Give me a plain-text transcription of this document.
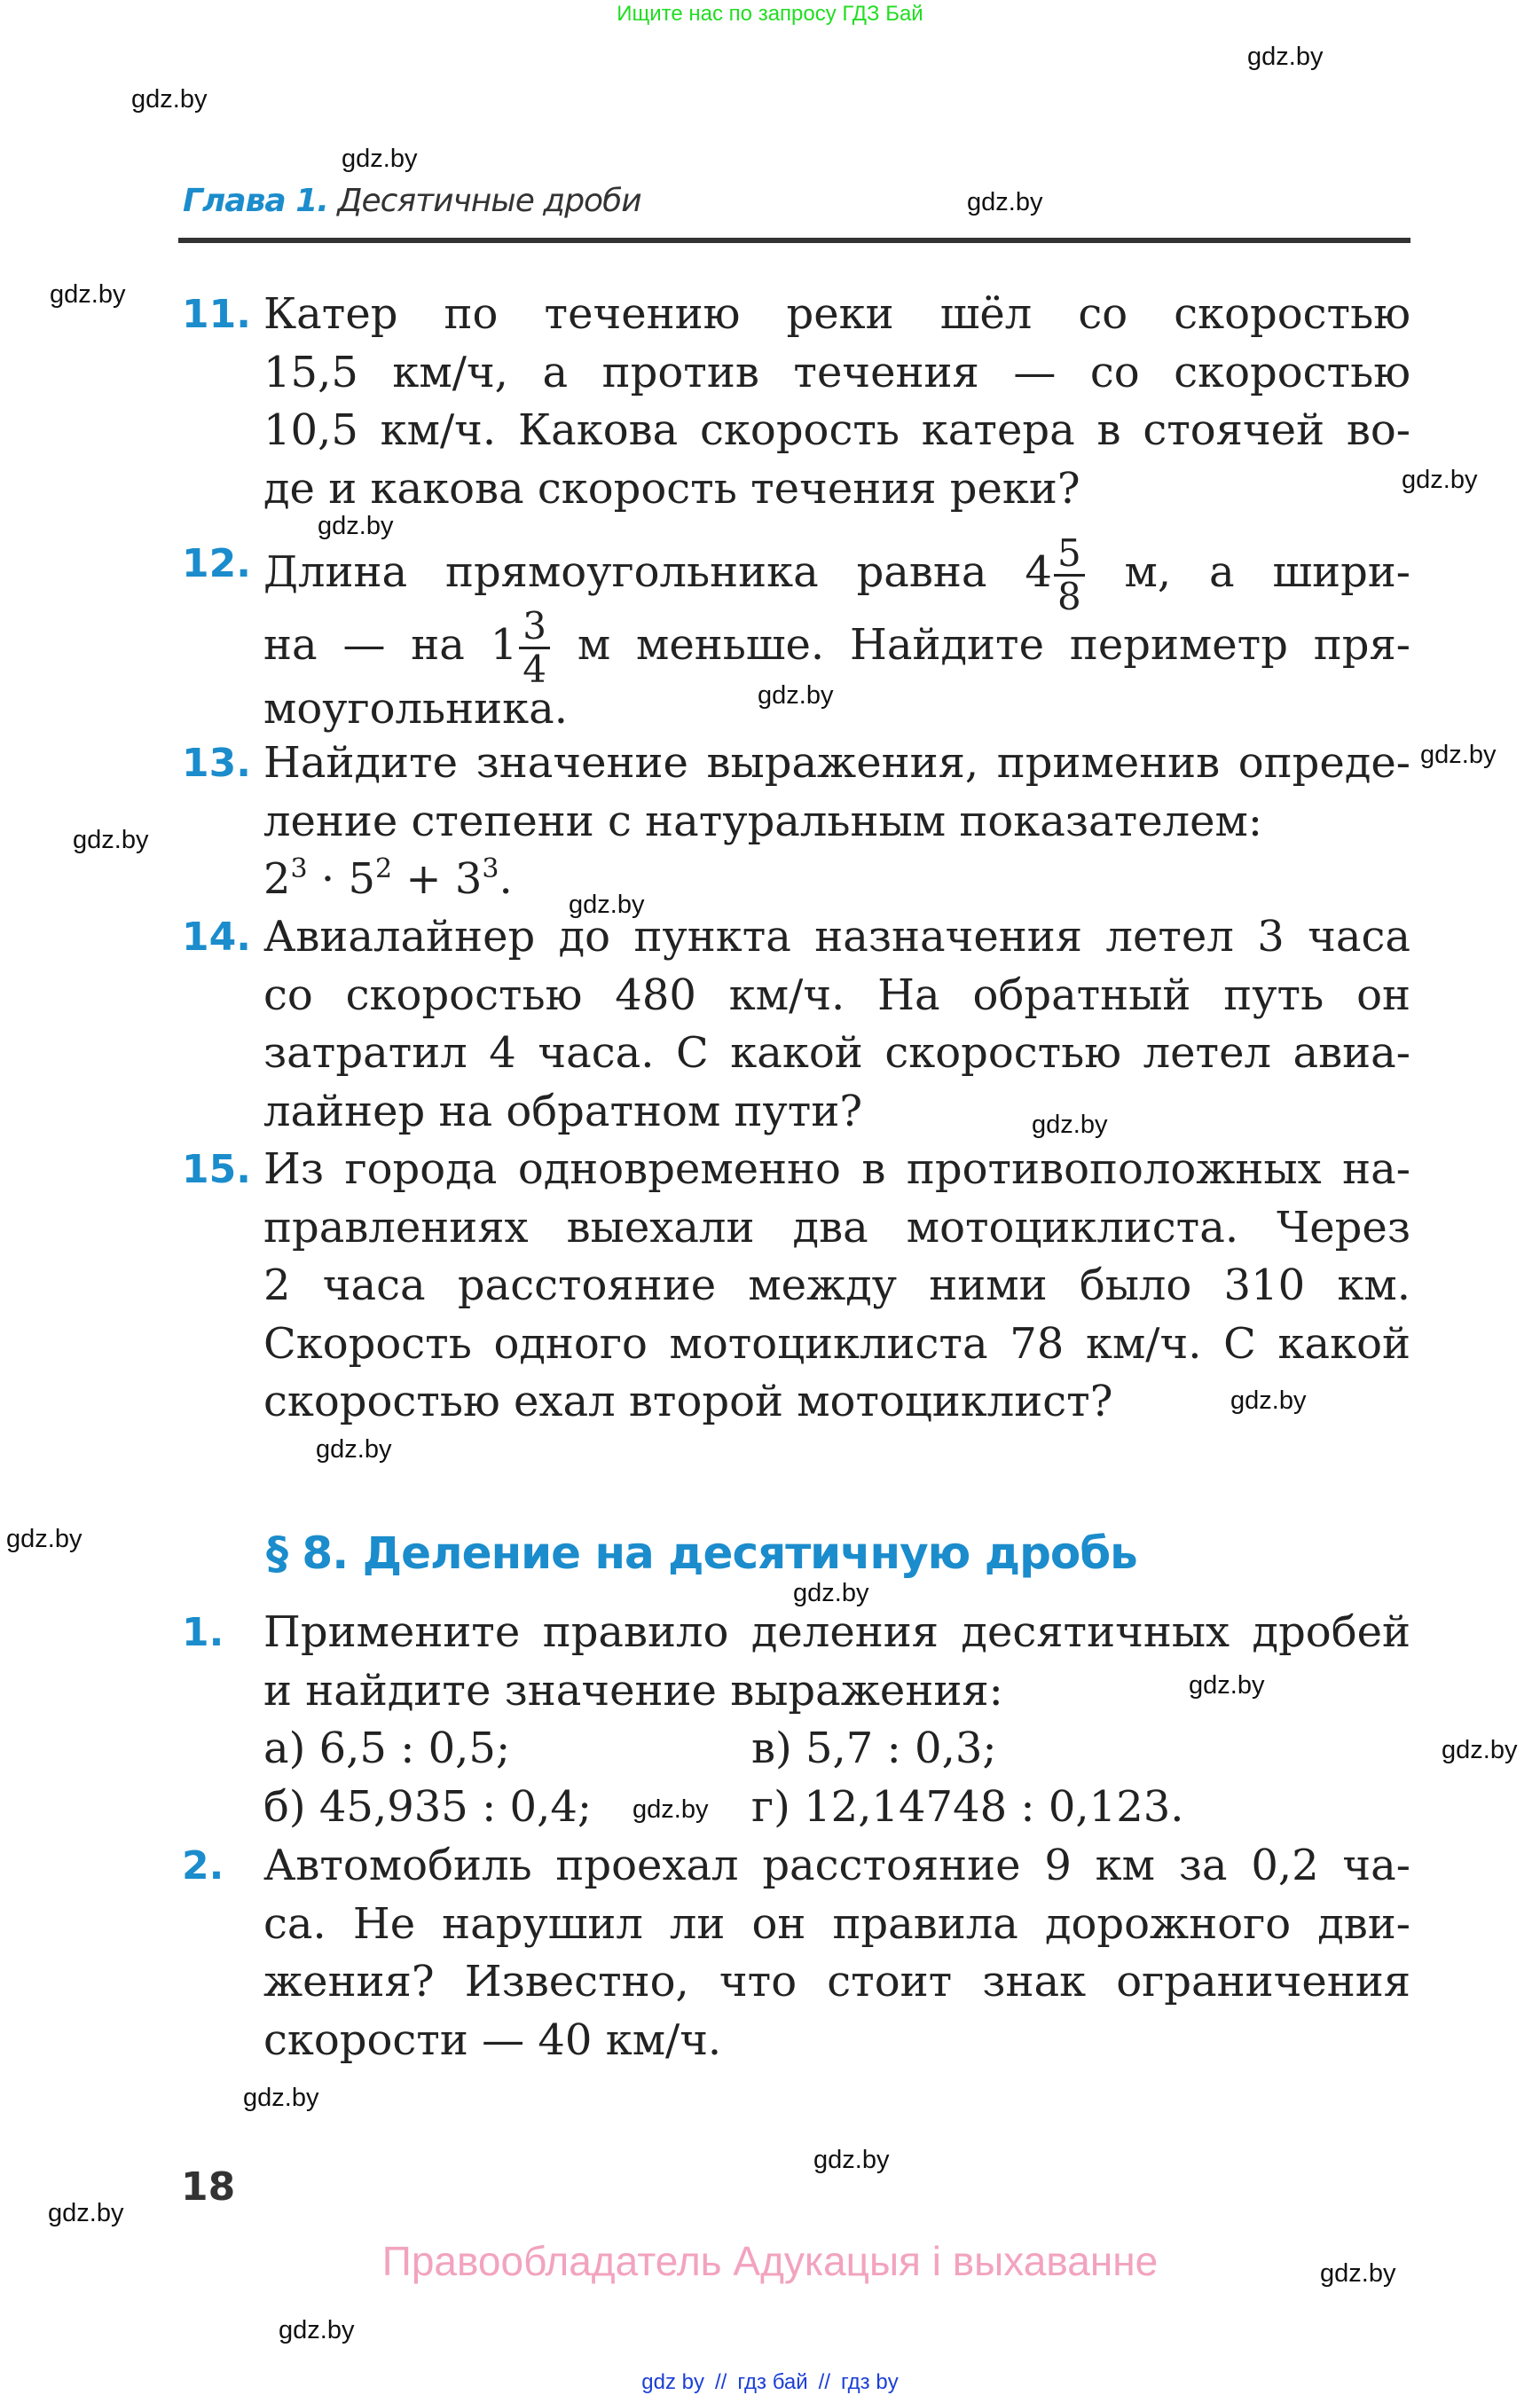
Ищите нас по запросу ГДЗ Бай
gdz.by
gdz.by
gdz.by
gdz.by
gdz.by
gdz.by
gdz.by
gdz.by
gdz.by
gdz.by
gdz.by
gdz.by
gdz.by
gdz.by
gdz.by
gdz.by
gdz.by
gdz.by
gdz.by
gdz.by
gdz.by
gdz.by
gdz.by
Глава 1. Десятичные дроби
11. Катер по течению реки шёл со скоростью
15,5 км/ч, а против течения — со скоростью
10,5 км/ч. Какова скорость катера в стоячей во-
де и какова скорость течения реки?
12. Длина прямоугольника равна $4 \frac{5}{8} м$, а шири-
на — на $1 \frac{3}{4}$ м меньше. Найдите периметр пря-
моугольника.
13. Найдите значение выражения, применив опреде-
ление степени с натуральным показателем:
$2^3 \cdot 5^2 + 3^3$.
14. Авиалайнер до пункта назначения летел 3 часа
со скоростью 480 км/ч. На обратный путь он
затратил 4 часа. С какой скоростью летел авиа-
лайнер на обратном пути?
15. Из города одновременно в противоположных на-
правлениях выехали два мотоциклиста. Через
2 часа расстояние между ними было 310 км.
Скорость одного мотоциклиста 78 км/ч. С какой
скоростью ехал второй мотоциклист?
§ 8. Деление на десятичную дробь
1. Примените правило деления десятичных дробей
и найдите значение выражения:
а) 6,5 : 0,5;	в) 5,7 : 0,3;
б) 45,935 : 0,4;	г) 12,14748 : 0,123.
2. Автомобиль проехал расстояние 9 км за 0,2 ча-
са. Не нарушил ли он правила дорожного дви-
жения? Известно, что стоит знак ограничения
скорости — 40 км/ч.
gdz.by
18
Правообладатель Адукацыя і выхаванне
gdz by // гдз бай // гдз by
